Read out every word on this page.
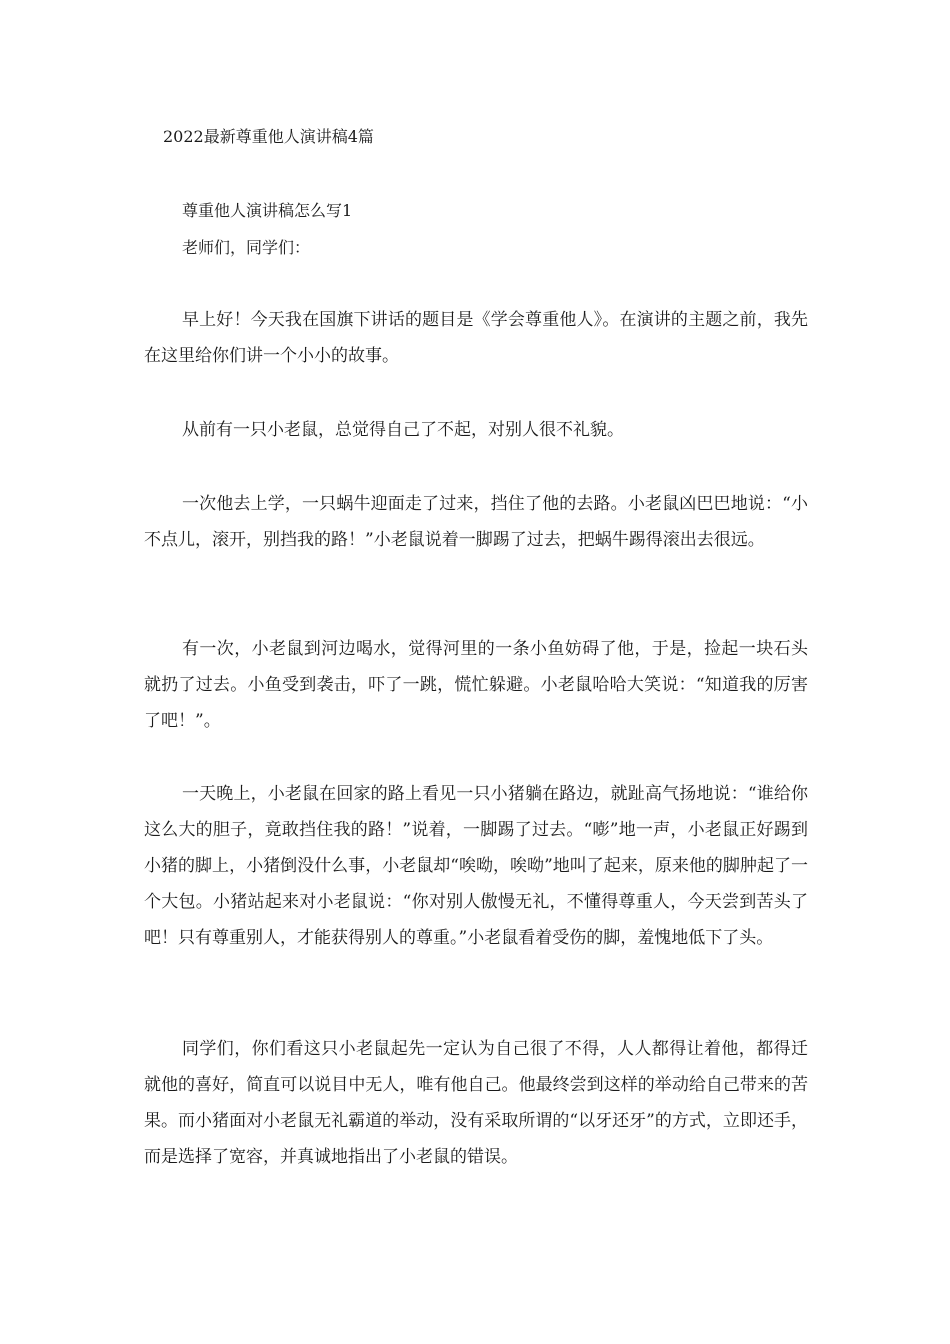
2022最新尊重他人演讲稿4篇
尊重他人演讲稿怎么写1

老师们，同学们：

早上好！今天我在国旗下讲话的题目是《学会尊重他人》。在演讲的主题之前，我先在这里给你们讲一个小小的故事。

从前有一只小老鼠，总觉得自己了不起，对别人很不礼貌。

一次他去上学，一只蜗牛迎面走了过来，挡住了他的去路。小老鼠凶巴巴地说：“小不点儿，滚开，别挡我的路！”小老鼠说着一脚踢了过去，把蜗牛踢得滚出去很远。

有一次，小老鼠到河边喝水，觉得河里的一条小鱼妨碍了他，于是，捡起一块石头就扔了过去。小鱼受到袭击，吓了一跳，慌忙躲避。小老鼠哈哈大笑说：“知道我的厉害了吧！”。

一天晚上，小老鼠在回家的路上看见一只小猪躺在路边，就趾高气扬地说：“谁给你这么大的胆子，竟敢挡住我的路！”说着，一脚踢了过去。“嘭”地一声，小老鼠正好踢到小猪的脚上，小猪倒没什么事，小老鼠却“唉呦，唉呦”地叫了起来，原来他的脚肿起了一个大包。小猪站起来对小老鼠说：“你对别人傲慢无礼，不懂得尊重人，今天尝到苦头了吧！只有尊重别人，才能获得别人的尊重。”小老鼠看着受伤的脚，羞愧地低下了头。

同学们，你们看这只小老鼠起先一定认为自己很了不得，人人都得让着他，都得迁就他的喜好，简直可以说目中无人，唯有他自己。他最终尝到这样的举动给自己带来的苦果。而小猪面对小老鼠无礼霸道的举动，没有采取所谓的“以牙还牙”的方式，立即还手，而是选择了宽容，并真诚地指出了小老鼠的错误。
